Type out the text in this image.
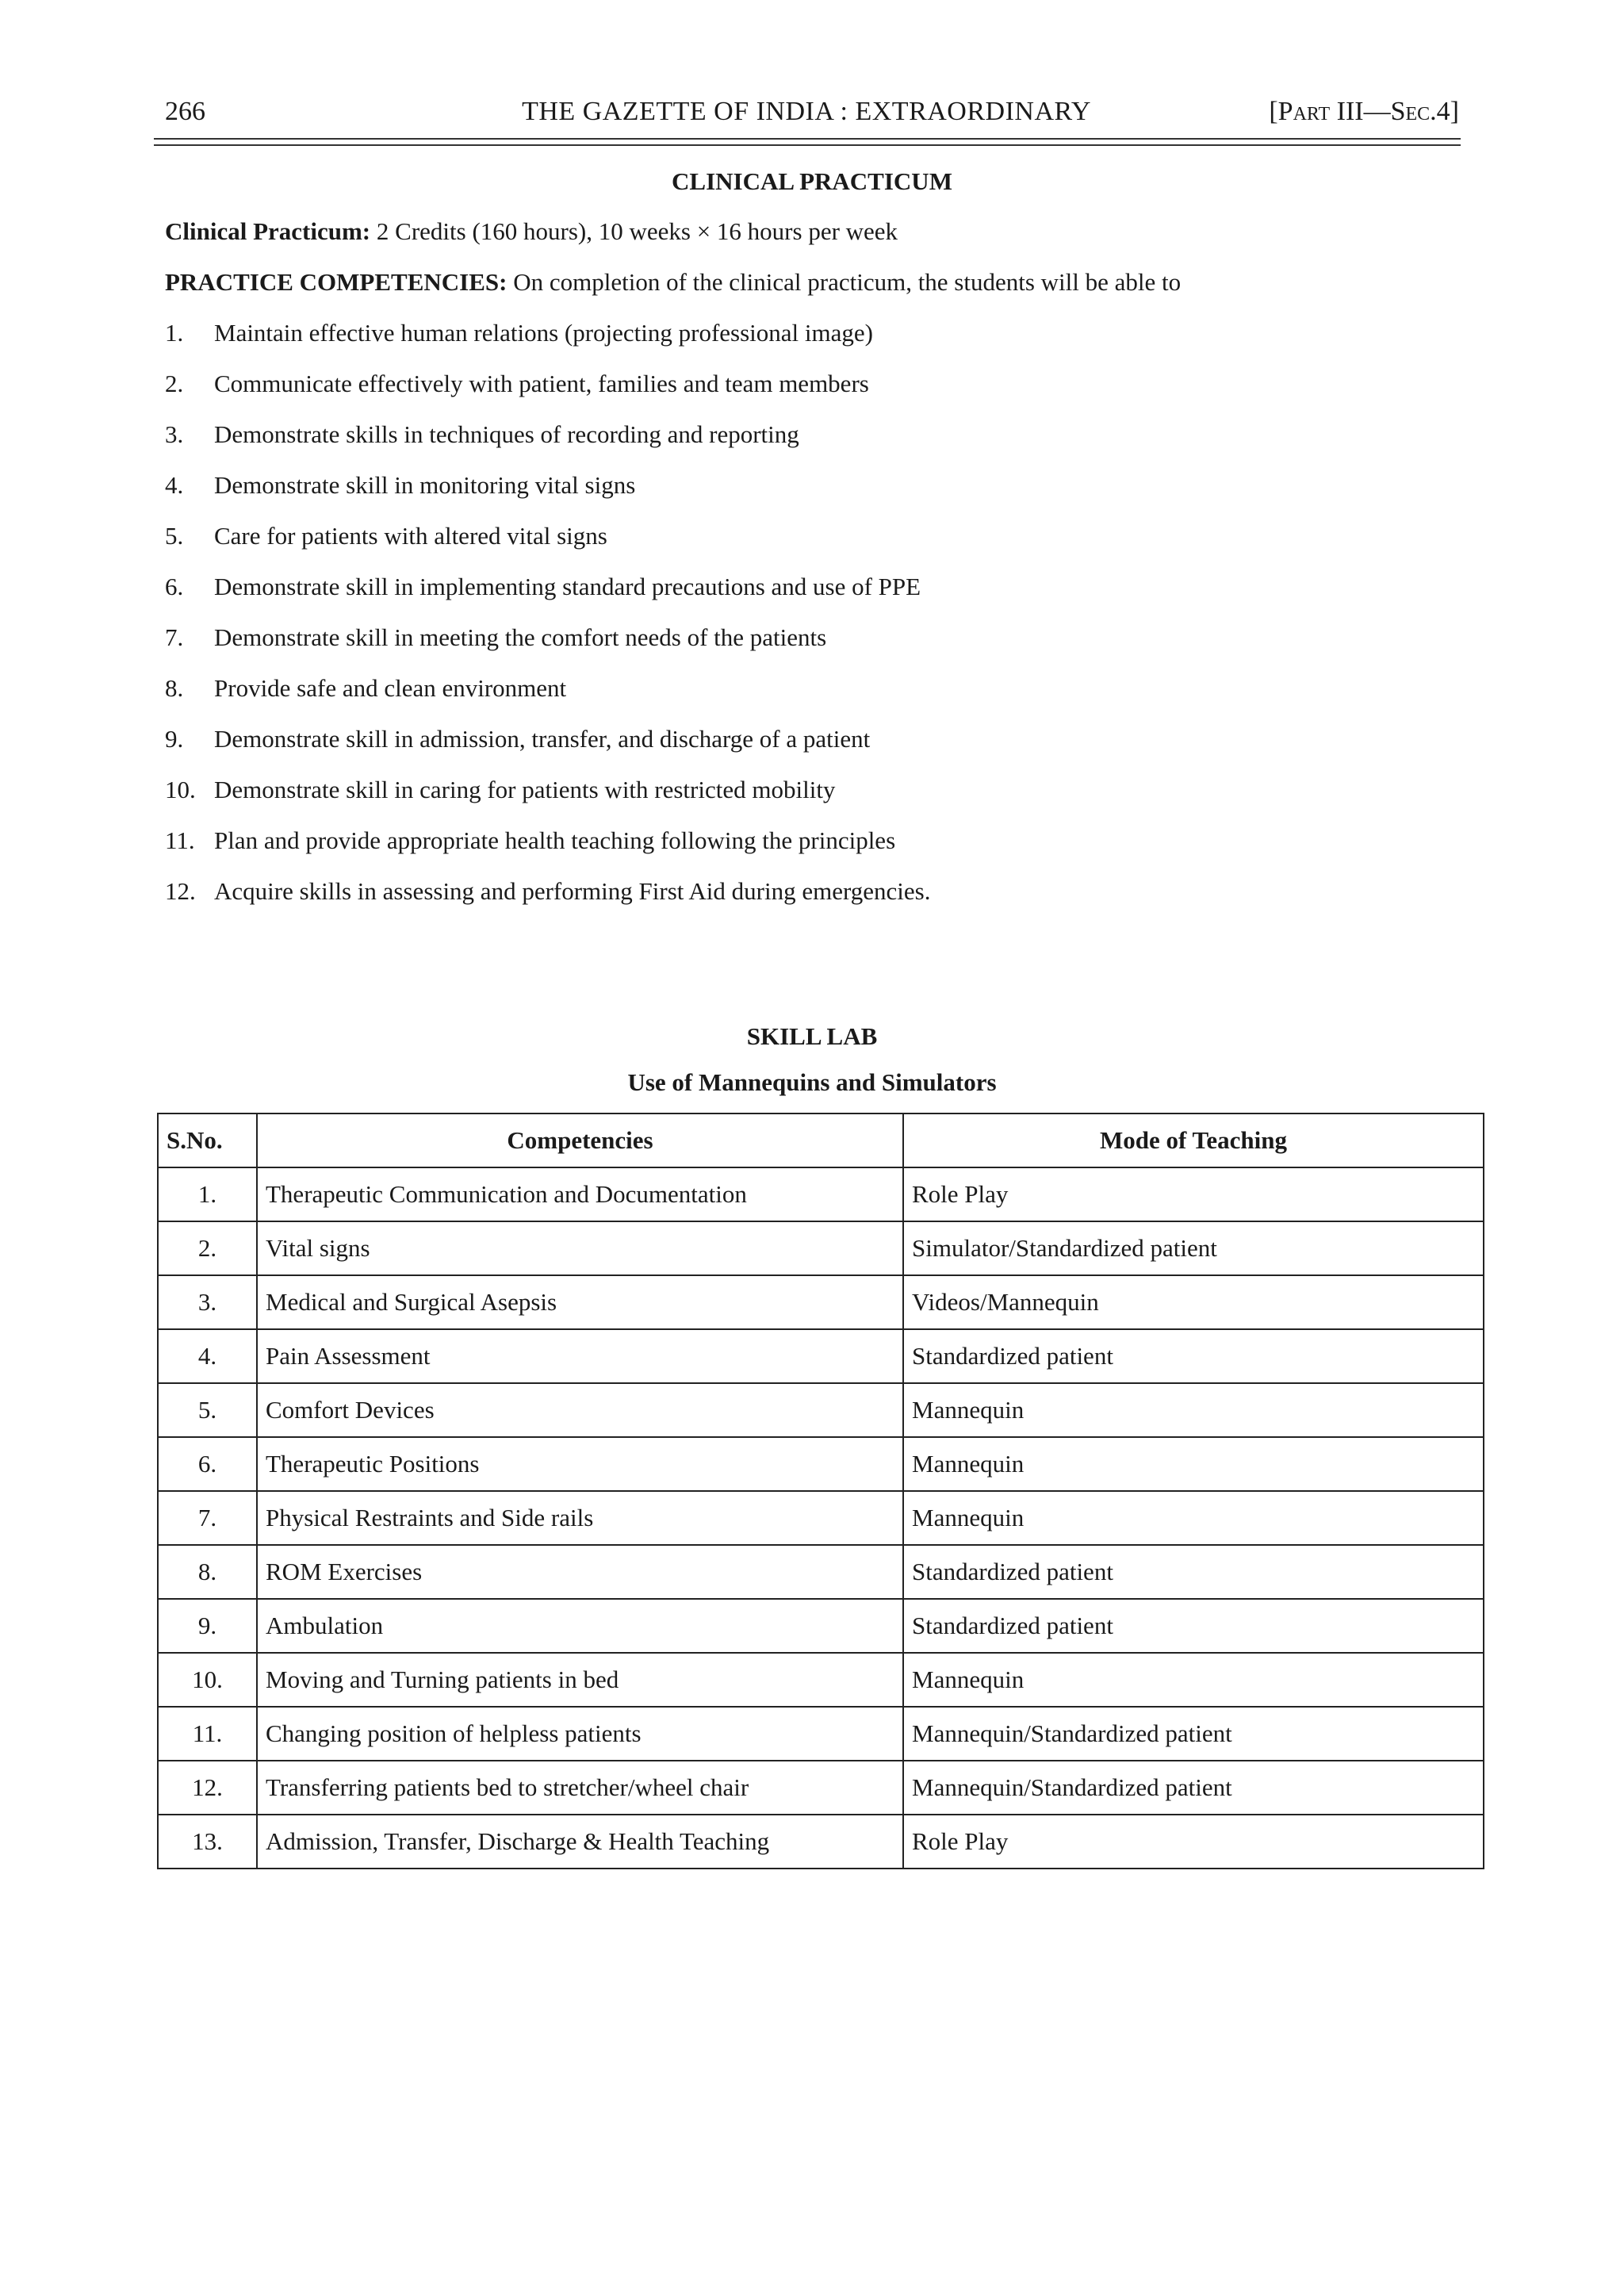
266	THE GAZETTE OF INDIA : EXTRAORDINARY	[Part III—Sec.4]
CLINICAL PRACTICUM
Clinical Practicum: 2 Credits (160 hours), 10 weeks × 16 hours per week
PRACTICE COMPETENCIES: On completion of the clinical practicum, the students will be able to
1. Maintain effective human relations (projecting professional image)
2. Communicate effectively with patient, families and team members
3. Demonstrate skills in techniques of recording and reporting
4. Demonstrate skill in monitoring vital signs
5. Care for patients with altered vital signs
6. Demonstrate skill in implementing standard precautions and use of PPE
7. Demonstrate skill in meeting the comfort needs of the patients
8. Provide safe and clean environment
9. Demonstrate skill in admission, transfer, and discharge of a patient
10. Demonstrate skill in caring for patients with restricted mobility
11. Plan and provide appropriate health teaching following the principles
12. Acquire skills in assessing and performing First Aid during emergencies.
SKILL LAB
Use of Mannequins and Simulators
S.No.	Competencies	Mode of Teaching
1.	Therapeutic Communication and Documentation	Role Play
2.	Vital signs	Simulator/Standardized patient
3.	Medical and Surgical Asepsis	Videos/Mannequin
4.	Pain Assessment	Standardized patient
5.	Comfort Devices	Mannequin
6.	Therapeutic Positions	Mannequin
7.	Physical Restraints and Side rails	Mannequin
8.	ROM Exercises	Standardized patient
9.	Ambulation	Standardized patient
10.	Moving and Turning patients in bed	Mannequin
11.	Changing position of helpless patients	Mannequin/Standardized patient
12.	Transferring patients bed to stretcher/wheel chair	Mannequin/Standardized patient
13.	Admission, Transfer, Discharge & Health Teaching	Role Play
